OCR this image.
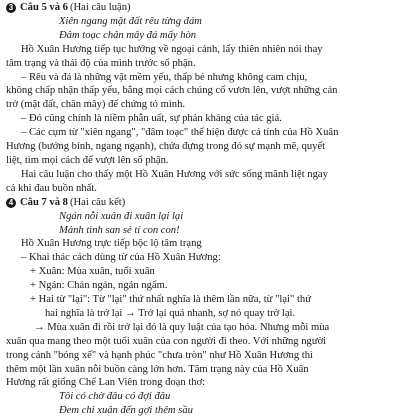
3 Câu 5 và 6 (Hai câu luận)
Xiên ngang mặt đất rêu từng đám
Đâm toạc chân mây đá mấy hòn
Hồ Xuân Hương tiếp tục hướng về ngoại cảnh, lấy thiên nhiên nói thay
tâm trạng và thái độ của mình trước số phận.
– Rêu và đá là những vật mềm yếu, thấp bé nhưng không cam chịu,
không chấp nhận thấp yếu, bằng mọi cách chúng cố vươn lên, vượt những cản
trở (mặt đất, chân mây) để chứng tỏ mình.
– Đó cũng chính là niềm phẫn uất, sự phản kháng của tác giả.
– Các cụm từ "xiên ngang", "đâm toạc" thể hiện được cá tính của Hồ Xuân
Hương (bướng bỉnh, ngang ngạnh), chứa đựng trong đó sự mạnh mẽ, quyết
liệt, tìm mọi cách để vượt lên số phận.
Hai câu luận cho thấy một Hồ Xuân Hương với sức sống mãnh liệt ngay
cả khi đau buồn nhất.
4 Câu 7 và 8 (Hai câu kết)
Ngán nỗi xuân đi xuân lại lại
Mảnh tình san sẻ tí con con!
Hồ Xuân Hương trực tiếp bộc lộ tâm trạng
– Khai thác cách dùng từ của Hồ Xuân Hương:
+ Xuân: Mùa xuân, tuổi xuân
+ Ngán: Chán ngán, ngán ngẩm.
+ Hai từ "lại": Từ "lại" thứ nhất nghĩa là thêm lần nữa, từ "lại" thứ
hai nghĩa là trở lại → Trở lại quá nhanh, sợ nó quay trở lại.
→ Mùa xuân đi rồi trở lại đó là quy luật của tạo hóa. Nhưng mỗi mùa
xuân qua mang theo một tuổi xuân của con người đi theo. Với những người
trong cảnh "bóng xế" và hạnh phúc "chưa tròn" như Hồ Xuân Hương thì
thêm một lần xuân nỗi buồn càng lớn hơn. Tâm trạng này của Hồ Xuân
Hương rất giống Chế Lan Viên trong đoạn thơ:
Tôi có chờ đâu có đợi đâu
Đem chi xuân đến gợi thêm sầu
